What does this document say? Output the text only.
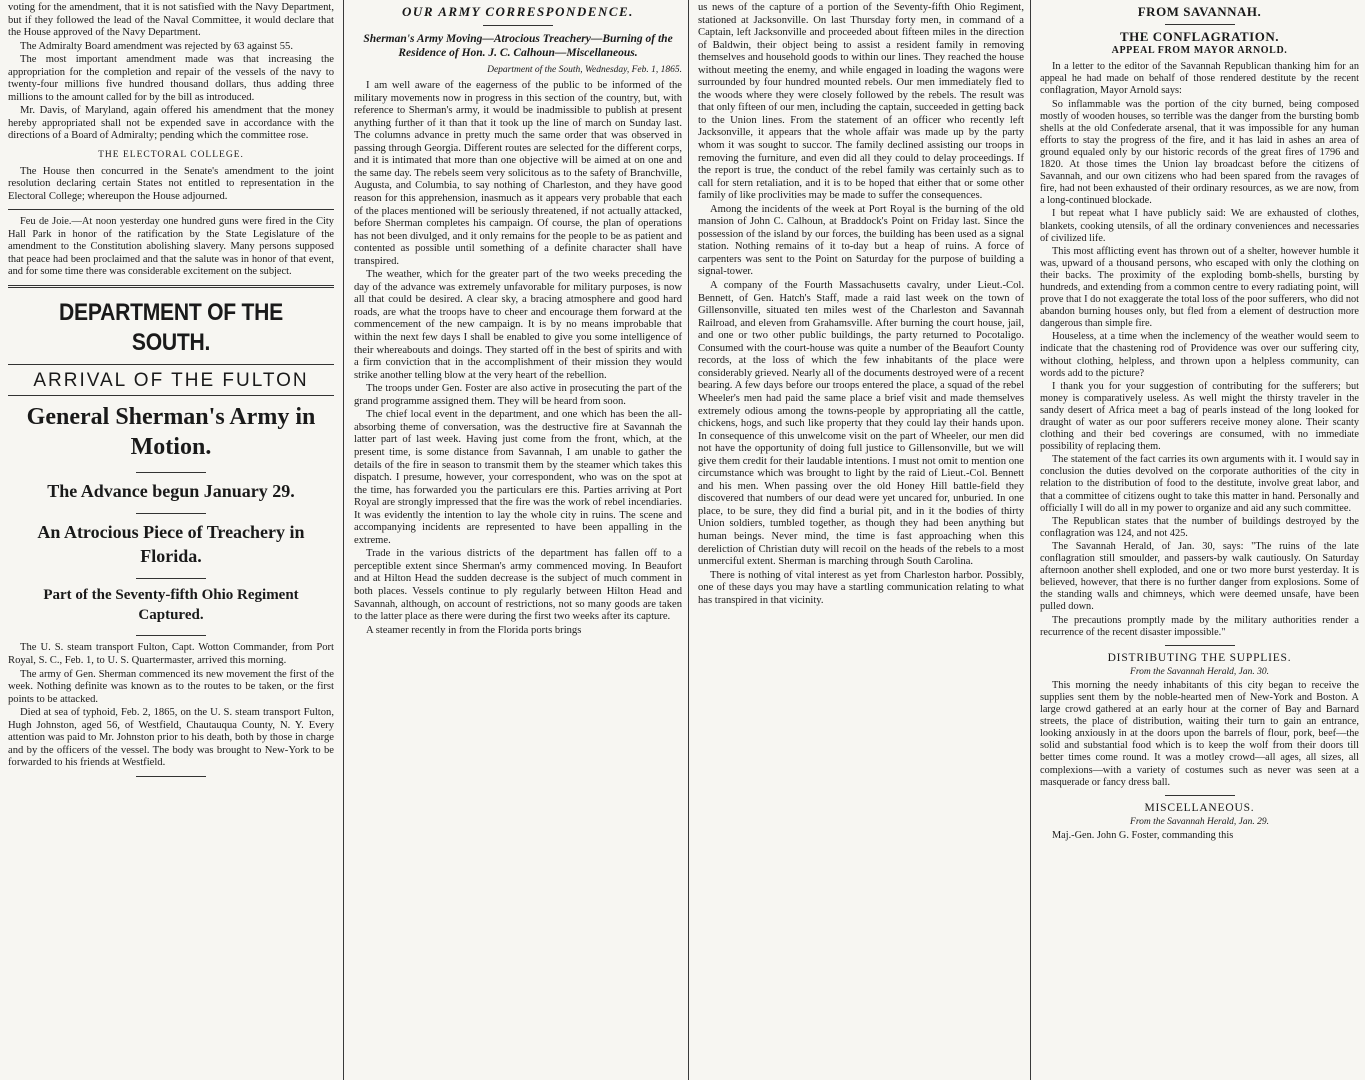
voting for the amendment, that it is not satisfied with the Navy Department, but if they followed the lead of the Naval Committee, it would declare that the House approved of the Navy Department.

The Admiralty Board amendment was rejected by 63 against 55.

The most important amendment made was that increasing the appropriation for the completion and repair of the vessels of the navy to twenty-four millions five hundred thousand dollars, thus adding three millions to the amount called for by the bill as introduced.

Mr. Davis, of Maryland, again offered his amendment that the money hereby appropriated shall not be expended save in accordance with the directions of a Board of Admiralty; pending which the committee rose.

THE ELECTORAL COLLEGE.

The House then concurred in the Senate's amendment to the joint resolution declaring certain States not entitled to representation in the Electoral College; whereupon the House adjourned.

Feu de Joie.—At noon yesterday one hundred guns were fired in the City Hall Park in honor of the ratification by the State Legislature of the amendment to the Constitution abolishing slavery. Many persons supposed that peace had been proclaimed and that the salute was in honor of that event, and for some time there was considerable excitement on the subject.

DEPARTMENT OF THE SOUTH.
ARRIVAL OF THE FULTON
General Sherman's Army in Motion.
The Advance begun January 29.
An Atrocious Piece of Treachery in Florida.
Part of the Seventy-fifth Ohio Regiment Captured.

The U. S. steam transport Fulton, Capt. Wotton Commander, from Port Royal, S. C., Feb. 1, to U. S. Quartermaster, arrived this morning.

The army of Gen. Sherman commenced its new movement the first of the week. Nothing definite was known as to the routes to be taken, or the first points to be attacked.

Died at sea of typhoid, Feb. 2, 1865, on the U. S. steam transport Fulton, Hugh Johnston, aged 56, of Westfield, Chautauqua County, N. Y. Every attention was paid to Mr. Johnston prior to his death, both by those in charge and by the officers of the vessel. The body was brought to New-York to be forwarded to his friends at Westfield.

OUR ARMY CORRESPONDENCE.
Sherman's Army Moving—Atrocious Treachery—Burning of the Residence of Hon. J. C. Calhoun—Miscellaneous.
Department of the South, Wednesday, Feb. 1, 1865.

I am well aware of the eagerness of the public to be informed of the military movements now in progress in this section of the country, but, with reference to Sherman's army, it would be inadmissible to publish at present anything further of it than that it took up the line of march on Sunday last. The columns advance in pretty much the same order that was observed in passing through Georgia. Different routes are selected for the different corps, and it is intimated that more than one objective will be aimed at on one and the same day. The rebels seem very solicitous as to the safety of Branchville, Augusta, and Columbia, to say nothing of Charleston, and they have good reason for this apprehension, inasmuch as it appears very probable that each of the places mentioned will be seriously threatened, if not actually attacked, before Sherman completes his campaign. Of course, the plan of operations has not been divulged, and it only remains for the people to be as patient and contented as possible until something of a definite character shall have transpired.

The weather, which for the greater part of the two weeks preceding the day of the advance was extremely unfavorable for military purposes, is now all that could be desired. A clear sky, a bracing atmosphere and good hard roads, are what the troops have to cheer and encourage them forward at the commencement of the new campaign. It is by no means improbable that within the next few days I shall be enabled to give you some intelligence of their whereabouts and doings. They started off in the best of spirits and with a firm conviction that in the accomplishment of their mission they would strike another telling blow at the very heart of the rebellion.

The troops under Gen. Foster are also active in prosecuting the part of the grand programme assigned them. They will be heard from soon.

The chief local event in the department, and one which has been the all-absorbing theme of conversation, was the destructive fire at Savannah the latter part of last week. Having just come from the front, which, at the present time, is some distance from Savannah, I am unable to gather the details of the fire in season to transmit them by the steamer which takes this dispatch. I presume, however, your correspondent, who was on the spot at the time, has forwarded you the particulars ere this. Parties arriving at Port Royal are strongly impressed that the fire was the work of rebel incendiaries. It was evidently the intention to lay the whole city in ruins. The scene and accompanying incidents are represented to have been appalling in the extreme.

Trade in the various districts of the department has fallen off to a perceptible extent since Sherman's army commenced moving. In Beaufort and at Hilton Head the sudden decrease is the subject of much comment in both places. Vessels continue to ply regularly between Hilton Head and Savannah, although, on account of restrictions, not so many goods are taken to the latter place as there were during the first two weeks after its capture.

A steamer recently in from the Florida ports brings

us news of the capture of a portion of the Seventy-fifth Ohio Regiment, stationed at Jacksonville. On last Thursday forty men, in command of a Captain, left Jacksonville and proceeded about fifteen miles in the direction of Baldwin, their object being to assist a resident family in removing themselves and household goods to within our lines. They reached the house without meeting the enemy, and while engaged in loading the wagons were surrounded by four hundred mounted rebels. Our men immediately fled to the woods where they were closely followed by the rebels. The result was that only fifteen of our men, including the captain, succeeded in getting back to the Union lines. From the statement of an officer who recently left Jacksonville, it appears that the whole affair was made up by the party whom it was sought to succor. The family declined assisting our troops in removing the furniture, and even did all they could to delay proceedings. If the report is true, the conduct of the rebel family was certainly such as to call for stern retaliation, and it is to be hoped that either that or some other family of like proclivities may be made to suffer the consequences.

Among the incidents of the week at Port Royal is the burning of the old mansion of John C. Calhoun, at Braddock's Point on Friday last. Since the possession of the island by our forces, the building has been used as a signal station. Nothing remains of it to-day but a heap of ruins. A force of carpenters was sent to the Point on Saturday for the purpose of building a signal-tower.

A company of the Fourth Massachusetts cavalry, under Lieut.-Col. Bennett, of Gen. Hatch's Staff, made a raid last week on the town of Gillensonville, situated ten miles west of the Charleston and Savannah Railroad, and eleven from Grahamsville. After burning the court house, jail, and one or two other public buildings, the party returned to Pocotaligo. Consumed with the court-house was quite a number of the Beaufort County records, at the loss of which the few inhabitants of the place were considerably grieved. Nearly all of the documents destroyed were of a recent bearing. A few days before our troops entered the place, a squad of the rebel Wheeler's men had paid the same place a brief visit and made themselves extremely odious among the towns-people by appropriating all the cattle, chickens, hogs, and such like property that they could lay their hands upon. In consequence of this unwelcome visit on the part of Wheeler, our men did not have the opportunity of doing full justice to Gillensonville, but we will give them credit for their laudable intentions. I must not omit to mention one circumstance which was brought to light by the raid of Lieut.-Col. Bennett and his men. When passing over the old Honey Hill battle-field they discovered that numbers of our dead were yet uncared for, unburied. In one place, to be sure, they did find a burial pit, and in it the bodies of thirty Union soldiers, tumbled together, as though they had been anything but human beings. Never mind, the time is fast approaching when this dereliction of Christian duty will recoil on the heads of the rebels to a most unmerciful extent. Sherman is marching through South Carolina.

There is nothing of vital interest as yet from Charleston harbor. Possibly, one of these days you may have a startling communication relating to what has transpired in that vicinity.

FROM SAVANNAH.
THE CONFLAGRATION.
APPEAL FROM MAYOR ARNOLD.

In a letter to the editor of the Savannah Republican thanking him for an appeal he had made on behalf of those rendered destitute by the recent conflagration, Mayor Arnold says:

So inflammable was the portion of the city burned, being composed mostly of wooden houses, so terrible was the danger from the bursting bomb shells at the old Confederate arsenal, that it was impossible for any human efforts to stay the progress of the fire, and it has laid in ashes an area of ground equaled only by our historic records of the great fires of 1796 and 1820. At those times the Union lay broadcast before the citizens of Savannah, and our own citizens who had been spared from the ravages of fire, had not been exhausted of their ordinary resources, as we are now, from a long-continued blockade.

I but repeat what I have publicly said: We are exhausted of clothes, blankets, cooking utensils, of all the ordinary conveniences and necessaries of civilized life.

This most afflicting event has thrown out of a shelter, however humble it was, upward of a thousand persons, who escaped with only the clothing on their backs. The proximity of the exploding bomb-shells, bursting by hundreds, and extending from a common centre to every radiating point, will prove that I do not exaggerate the total loss of the poor sufferers, who did not abandon burning houses only, but fled from a element of destruction more dangerous than simple fire.

Houseless, at a time when the inclemency of the weather would seem to indicate that the chastening rod of Providence was over our suffering city, without clothing, helpless, and thrown upon a helpless community, can words add to the picture?

I thank you for your suggestion of contributing for the sufferers; but money is comparatively useless. As well might the thirsty traveler in the sandy desert of Africa meet a bag of pearls instead of the long looked for draught of water as our poor sufferers receive money alone. Their scanty clothing and their bed coverings are consumed, with no immediate possibility of replacing them.

The statement of the fact carries its own arguments with it. I would say in conclusion the duties devolved on the corporate authorities of the city in relation to the distribution of food to the destitute, involve great labor, and that a committee of citizens ought to take this matter in hand. Personally and officially I will do all in my power to organize and aid any such committee.

The Republican states that the number of buildings destroyed by the conflagration was 124, and not 425.

The Savannah Herald, of Jan. 30, says: "The ruins of the late conflagration still smoulder, and passers-by walk cautiously. On Saturday afternoon another shell exploded, and one or two more burst yesterday. It is believed, however, that there is no further danger from explosions. Some of the standing walls and chimneys, which were deemed unsafe, have been pulled down.

The precautions promptly made by the military authorities render a recurrence of the recent disaster impossible."

DISTRIBUTING THE SUPPLIES.
From the Savannah Herald, Jan. 30.

This morning the needy inhabitants of this city began to receive the supplies sent them by the noble-hearted men of New-York and Boston. A large crowd gathered at an early hour at the corner of Bay and Barnard streets, the place of distribution, waiting their turn to gain an entrance, looking anxiously in at the doors upon the barrels of flour, pork, beef—the solid and substantial food which is to keep the wolf from their doors till better times come round. It was a motley crowd—all ages, all sizes, all complexions—with a variety of costumes such as never was seen at a masquerade or fancy dress ball.

MISCELLANEOUS.
From the Savannah Herald, Jan. 29.

Maj.-Gen. John G. Foster, commanding this
